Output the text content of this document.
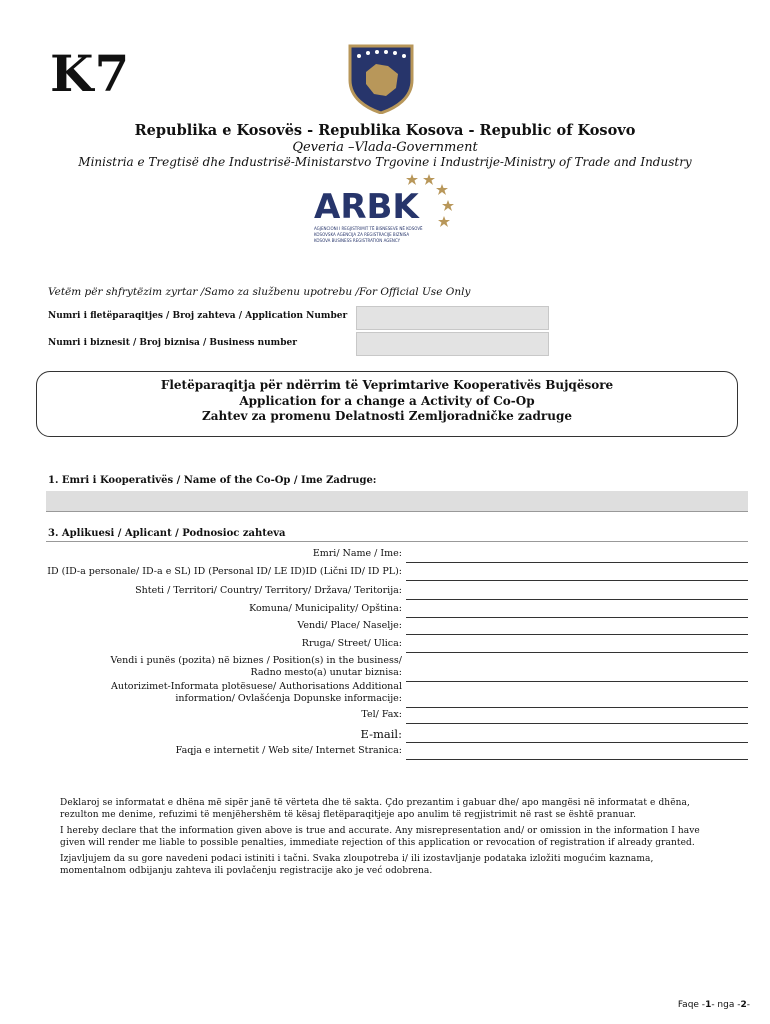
K7
Republika e Kosovës - Republika Kosova - Republic of Kosovo
Qeveria –Vlada-Government
Ministria e Tregtisë dhe Industrisë-Ministarstvo Trgovine i Industrije-Ministry of Trade and Industry
ARBK
AGJENCIONI I REGJISTRIMIT TË BISNESEVE NË KOSOVË
KOSOVSKA AGENCIJA ZA REGISTRACIJE BIZNISA
KOSOVA BUSINESS REGISTRATION AGENCY
Vetëm për shfrytëzim zyrtar /Samo za službenu upotrebu /For Official Use Only
Numri i fletëparaqitjes / Broj zahteva / Application Number
Numri i biznesit / Broj biznisa / Business number
Fletëparaqitja për ndërrim të Veprimtarive Kooperativës Bujqësore
Application for a change a Activity of Co-Op
Zahtev za promenu Delatnosti Zemljoradničke zadruge
1. Emri i Kooperativës / Name of the Co-Op / Ime Zadruge:
3. Aplikuesi / Aplicant / Podnosioc zahteva
Emri/ Name / Ime:
ID (ID-a personale/ ID-a e SL) ID (Personal ID/ LE ID)ID (Lični ID/ ID PL):
Shteti / Territori/ Country/ Territory/ Država/ Teritorija:
Komuna/ Municipality/ Opština:
Vendi/ Place/ Naselje:
Rruga/ Street/ Ulica:
Vendi i punës (pozita) në biznes / Position(s) in the business/
Radno mesto(a) unutar biznisa:
Autorizimet-Informata plotësuese/ Authorisations Additional
information/ Ovlašćenja Dopunske informacije:
Tel/ Fax:
E-mail:
Faqja e internetit / Web site/ Internet Stranica:

Deklaroj se informatat e dhëna më sipër janë të vërteta dhe të sakta. Çdo prezantim i gabuar dhe/ apo mangësi në informatat e dhëna, rezulton me denime, refuzimi të menjëhershëm të kësaj fletëparaqitjeje apo anulim të regjistrimit në rast se është pranuar.

I hereby declare that the information given above is true and accurate. Any misrepresentation and/ or omission in the information I have given will render me liable to possible penalties, immediate rejection of this application or revocation of registration if already granted.

Izjavljujem da su gore navedeni podaci istiniti i tačni. Svaka zloupotreba i/ ili izostavljanje podataka izložiti mogućim kaznama, momentalnom odbijanju zahteva ili povlačenju registracije ako je već odobrena.

Faqe -1- nga -2-
